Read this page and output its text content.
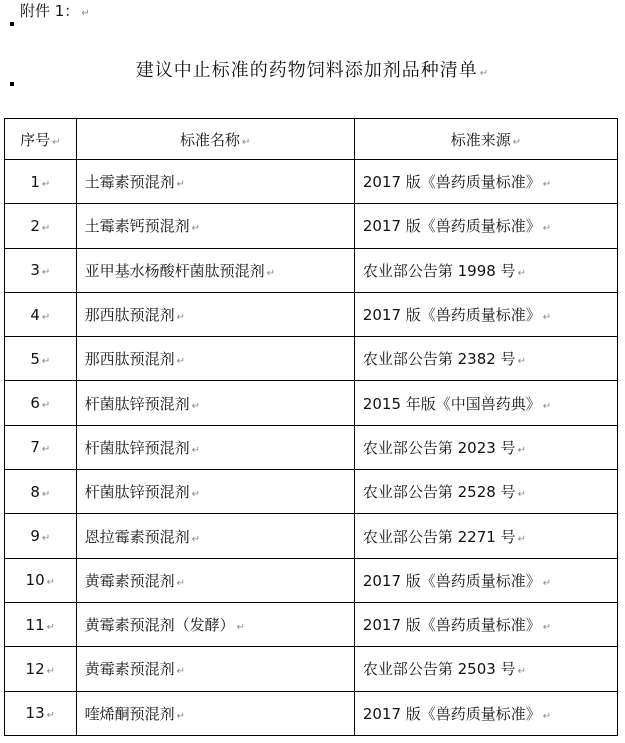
附件 1： ↵
建议中止标准的药物饲料添加剂品种清单 ↵
序号 ↵	标准名称 ↵	标准来源 ↵
1 ↵	土霉素预混剂 ↵	2017 版《兽药质量标准》 ↵
2 ↵	土霉素钙预混剂 ↵	2017 版《兽药质量标准》 ↵
3 ↵	亚甲基水杨酸杆菌肽预混剂 ↵	农业部公告第 1998 号 ↵
4 ↵	那西肽预混剂 ↵	2017 版《兽药质量标准》 ↵
5 ↵	那西肽预混剂 ↵	农业部公告第 2382 号 ↵
6 ↵	杆菌肽锌预混剂 ↵	2015 年版《中国兽药典》 ↵
7 ↵	杆菌肽锌预混剂 ↵	农业部公告第 2023 号 ↵
8 ↵	杆菌肽锌预混剂 ↵	农业部公告第 2528 号 ↵
9 ↵	恩拉霉素预混剂 ↵	农业部公告第 2271 号 ↵
10 ↵	黄霉素预混剂 ↵	2017 版《兽药质量标准》 ↵
11 ↵	黄霉素预混剂（发酵） ↵	2017 版《兽药质量标准》 ↵
12 ↵	黄霉素预混剂 ↵	农业部公告第 2503 号 ↵
13 ↵	喹烯酮预混剂 ↵	2017 版《兽药质量标准》 ↵
